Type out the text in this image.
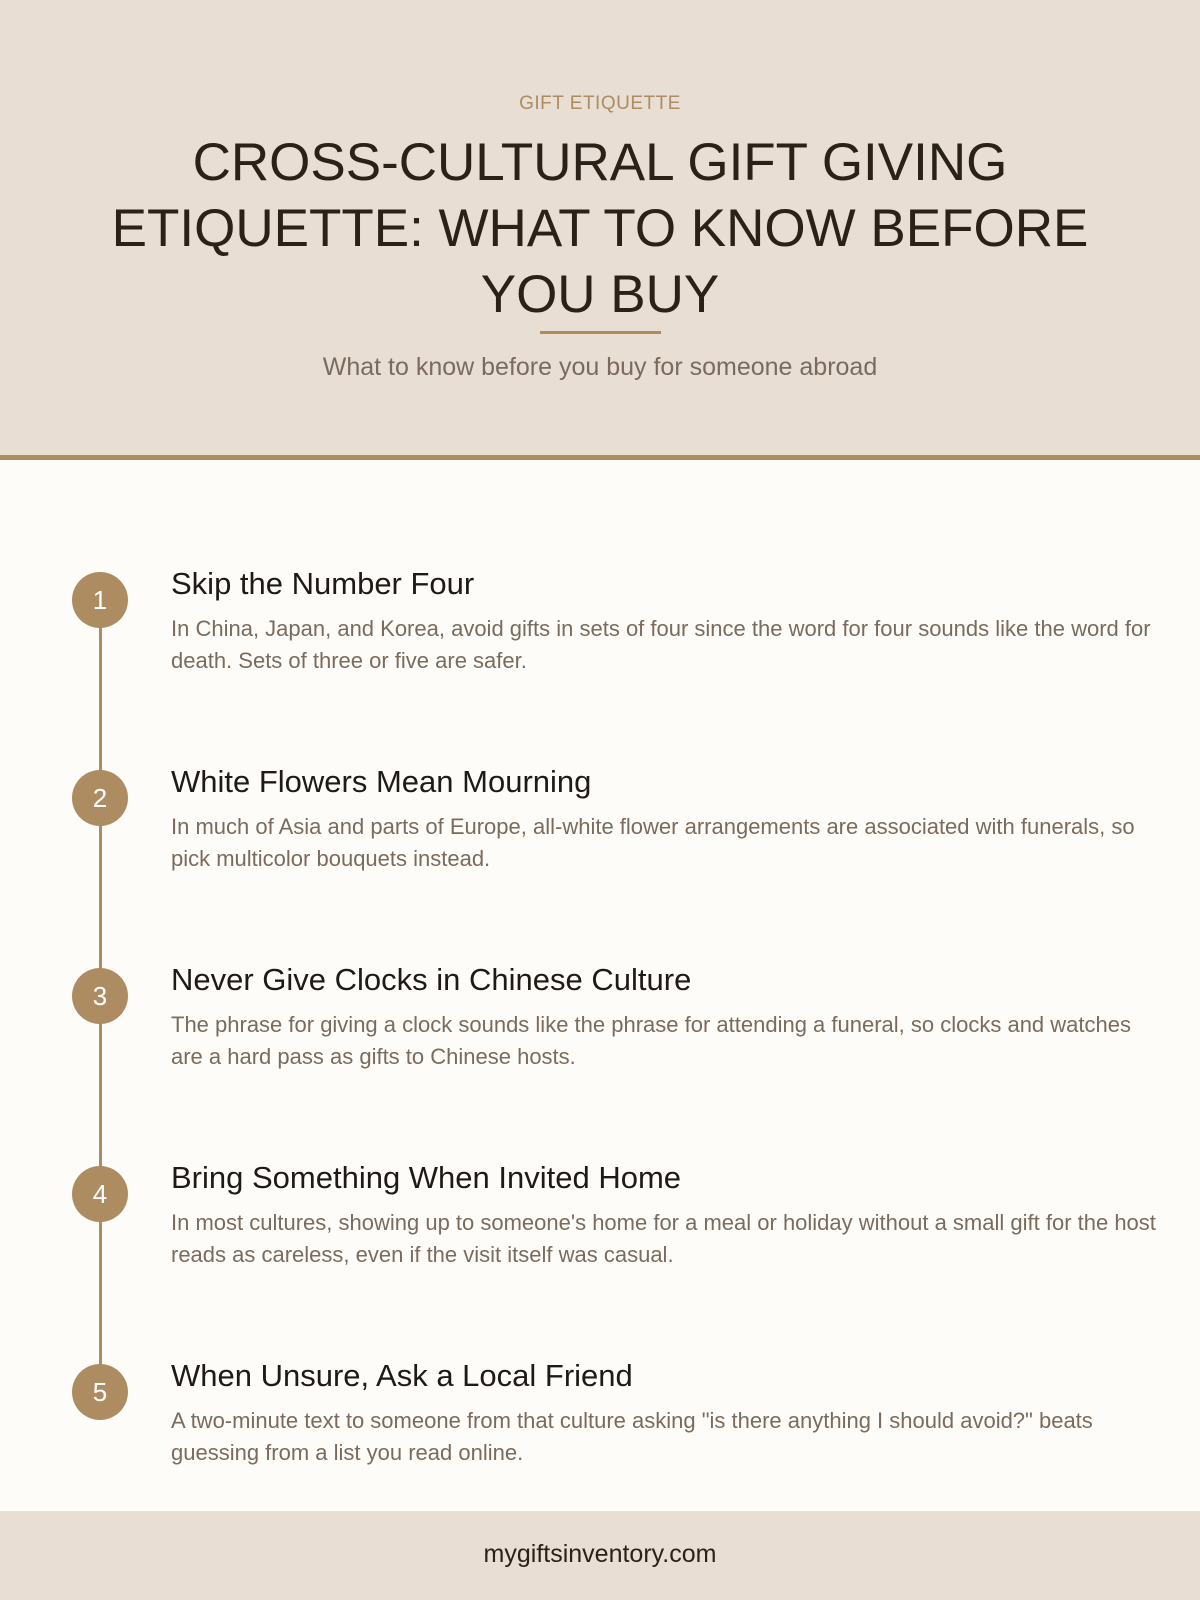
GIFT ETIQUETTE
CROSS-CULTURAL GIFT GIVING ETIQUETTE: WHAT TO KNOW BEFORE YOU BUY
What to know before you buy for someone abroad
1	Skip the Number Four
In China, Japan, and Korea, avoid gifts in sets of four since the word for four sounds like the word for death. Sets of three or five are safer.
2	White Flowers Mean Mourning
In much of Asia and parts of Europe, all-white flower arrangements are associated with funerals, so pick multicolor bouquets instead.
3	Never Give Clocks in Chinese Culture
The phrase for giving a clock sounds like the phrase for attending a funeral, so clocks and watches are a hard pass as gifts to Chinese hosts.
4	Bring Something When Invited Home
In most cultures, showing up to someone's home for a meal or holiday without a small gift for the host reads as careless, even if the visit itself was casual.
5	When Unsure, Ask a Local Friend
A two-minute text to someone from that culture asking "is there anything I should avoid?" beats guessing from a list you read online.
mygiftsinventory.com
